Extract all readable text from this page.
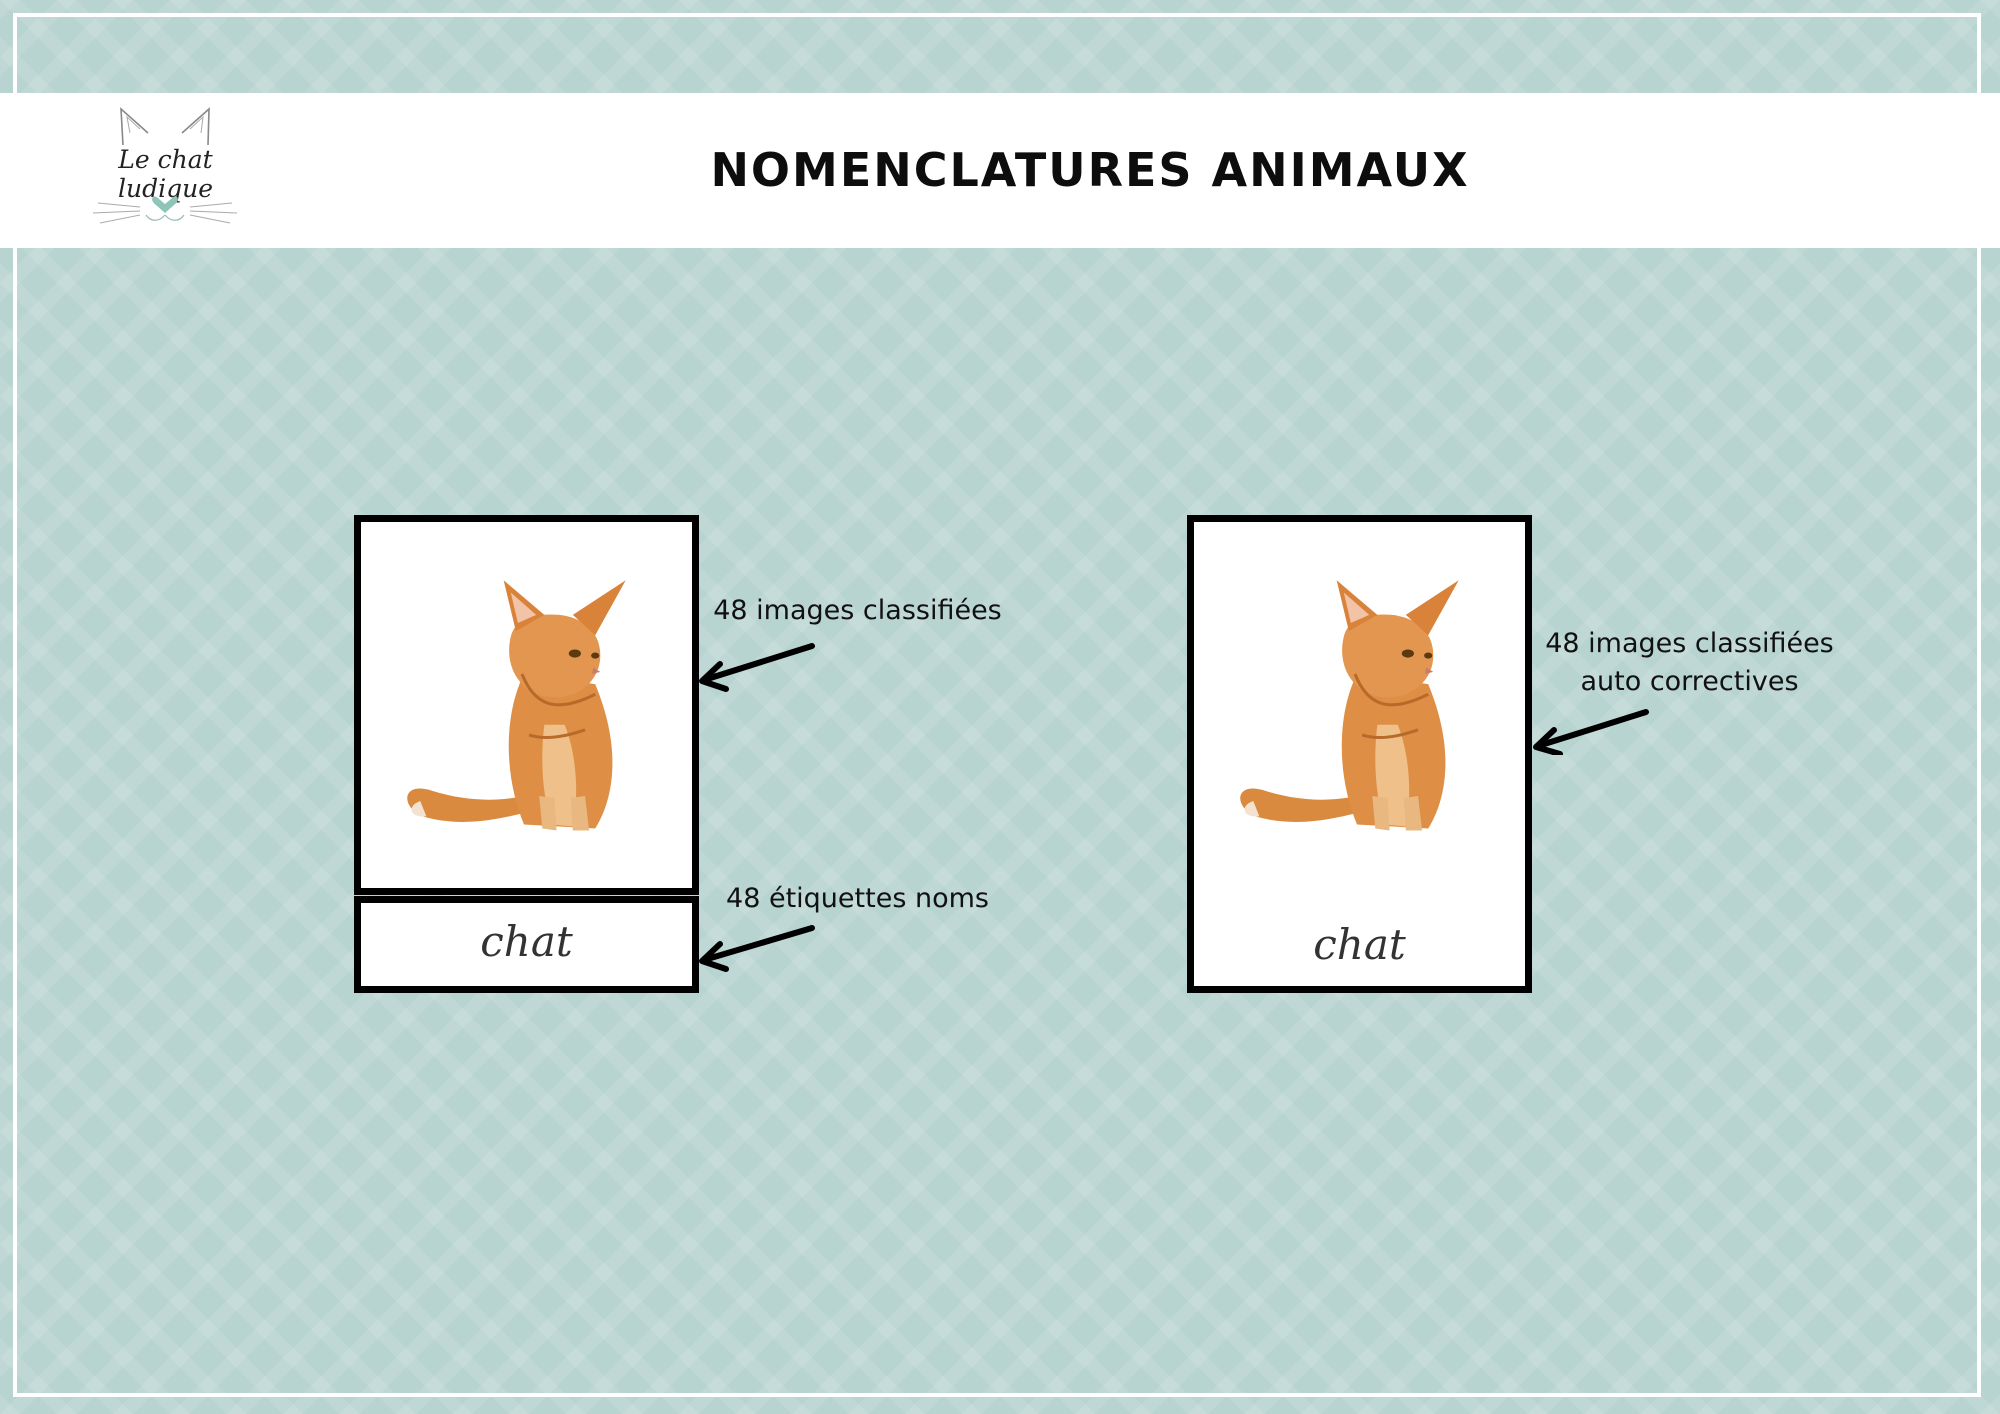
Le chat ludique	NOMENCLATURES ANIMAUX
chat	chat
48 images classifiées
48 étiquettes noms
48 images classifiées
auto correctives
